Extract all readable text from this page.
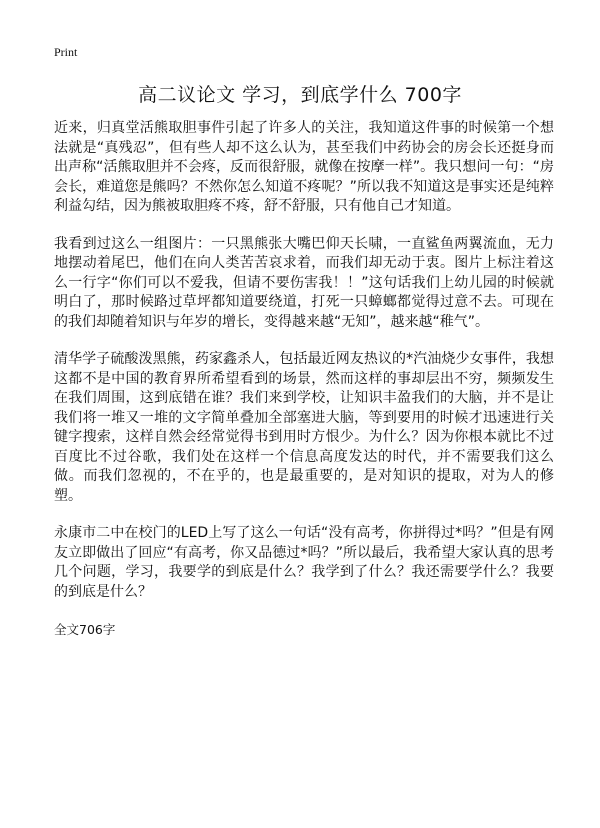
Print
高二议论文 学习，到底学什么 700字

近来，归真堂活熊取胆事件引起了许多人的关注，我知道这件事的时候第一个想法就是“真残忍”，但有些人却不这么认为，甚至我们中药协会的房会长还挺身而出声称“活熊取胆并不会疼，反而很舒服，就像在按摩一样”。我只想问一句：“房会长，难道您是熊吗？不然你怎么知道不疼呢？”所以我不知道这是事实还是纯粹利益勾结，因为熊被取胆疼不疼，舒不舒服，只有他自己才知道。

我看到过这么一组图片：一只黑熊张大嘴巴仰天长啸，一直鲨鱼两翼流血，无力地摆动着尾巴，他们在向人类苦苦哀求着，而我们却无动于衷。图片上标注着这么一行字“你们可以不爱我，但请不要伤害我！！”这句话我们上幼儿园的时候就明白了，那时候路过草坪都知道要绕道，打死一只蟑螂都觉得过意不去。可现在的我们却随着知识与年岁的增长，变得越来越“无知”，越来越“稚气”。

清华学子硫酸泼黑熊，药家鑫杀人，包括最近网友热议的*汽油烧少女事件，我想这都不是中国的教育界所希望看到的场景，然而这样的事却层出不穷，频频发生在我们周围，这到底错在谁？我们来到学校，让知识丰盈我们的大脑，并不是让我们将一堆又一堆的文字简单叠加全部塞进大脑，等到要用的时候才迅速进行关键字搜索，这样自然会经常觉得书到用时方恨少。为什么？因为你根本就比不过百度比不过谷歌，我们处在这样一个信息高度发达的时代，并不需要我们这么做。而我们忽视的，不在乎的，也是最重要的，是对知识的提取，对为人的修塑。

永康市二中在校门的LED上写了这么一句话“没有高考，你拼得过*吗？”但是有网友立即做出了回应“有高考，你又品德过*吗？”所以最后，我希望大家认真的思考几个问题，学习，我要学的到底是什么？我学到了什么？我还需要学什么？我要的到底是什么？

全文706字
